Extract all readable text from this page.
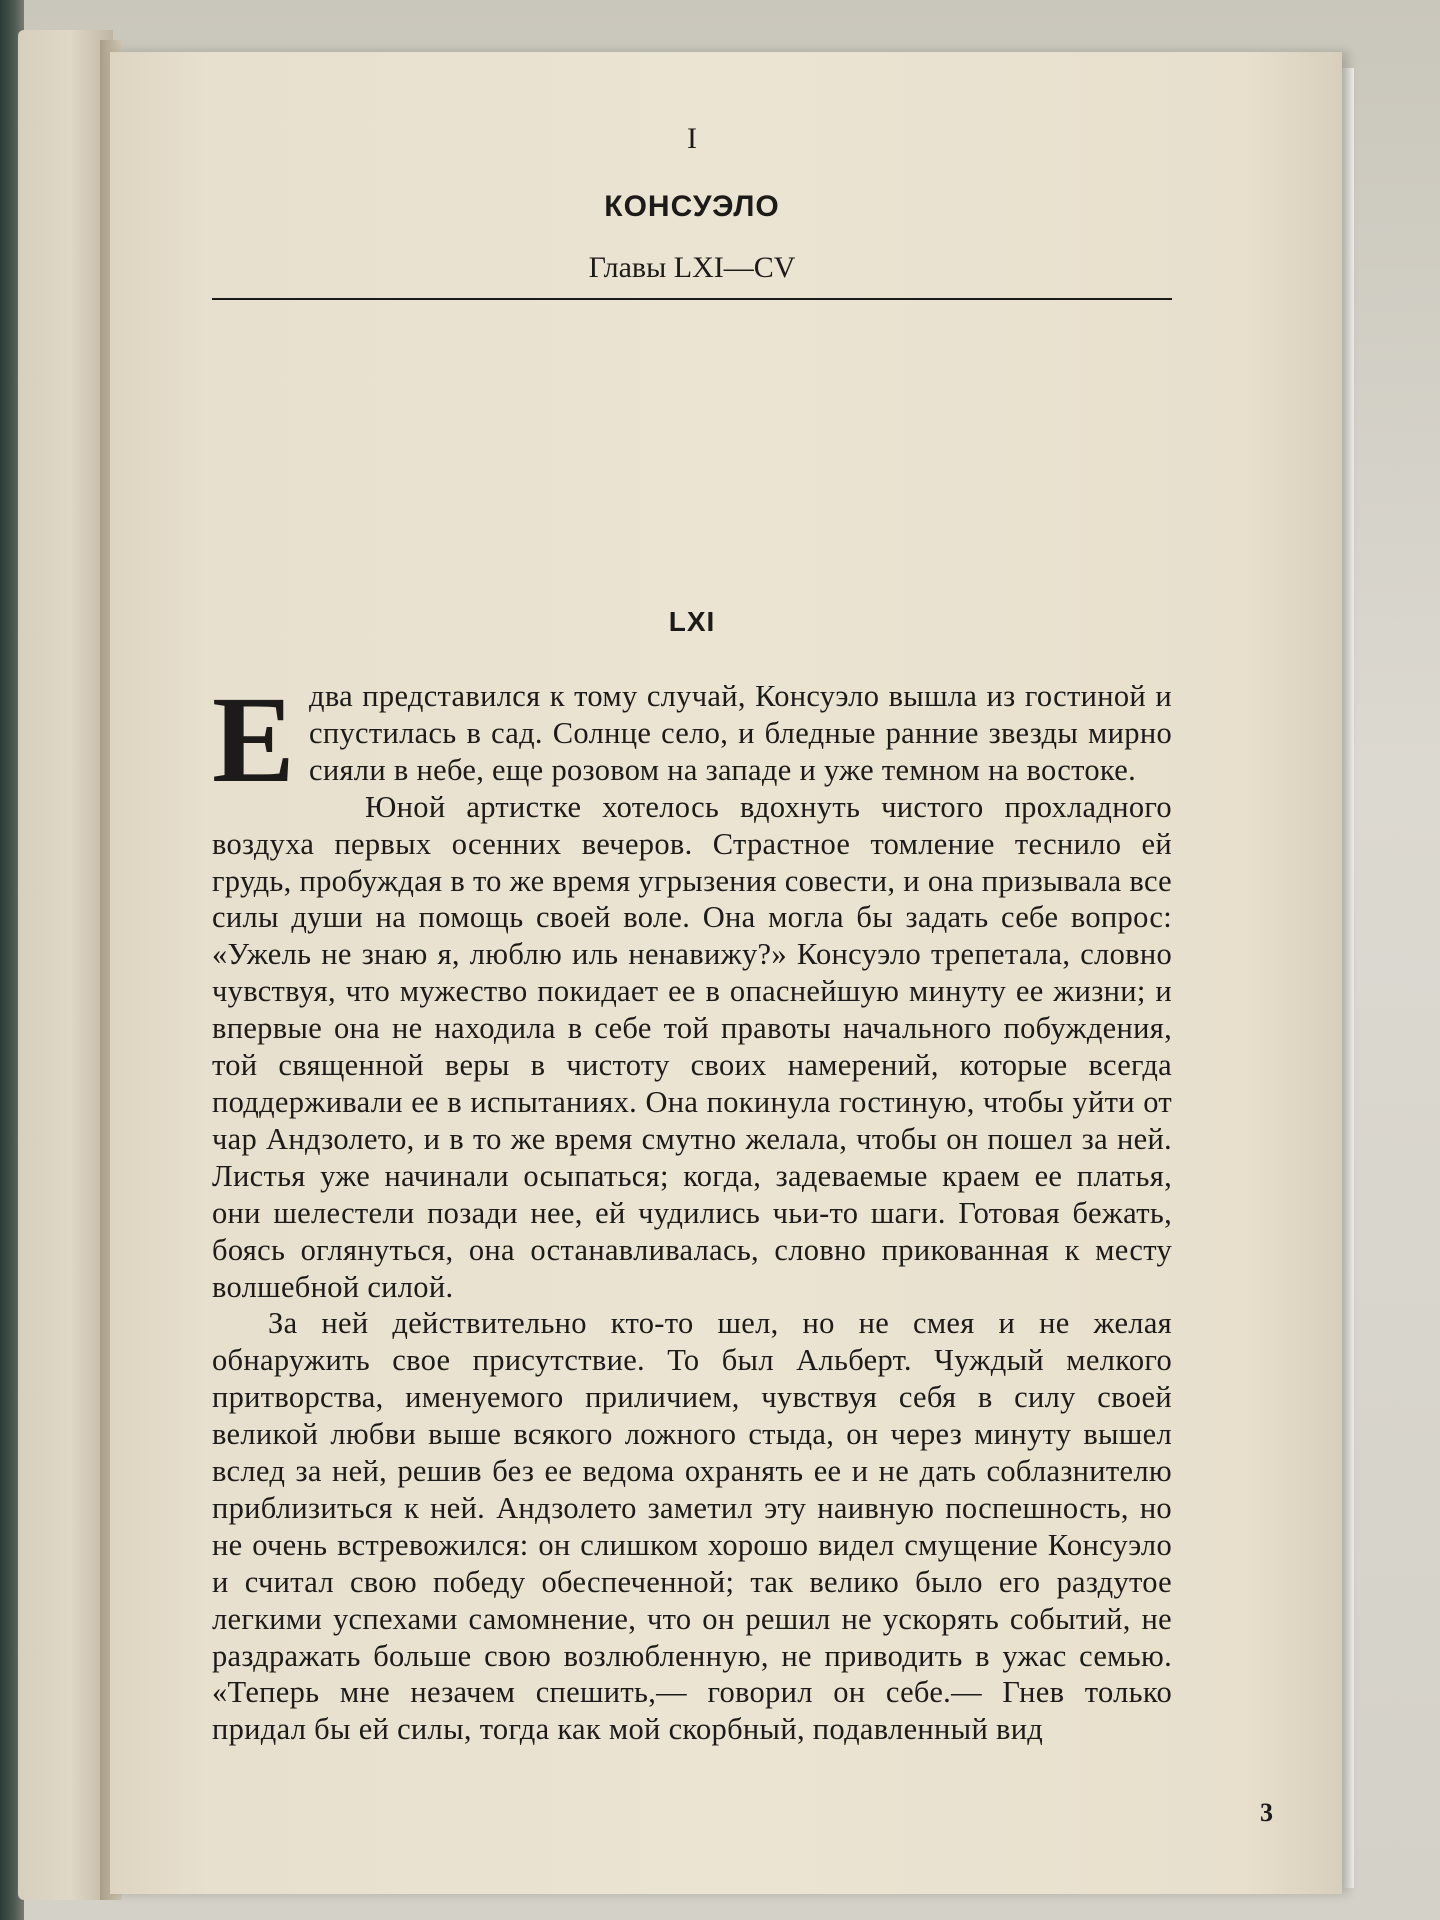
I

КОНСУЭЛО

Главы LXI—CV

LXI

Едва представился к тому случай, Консуэло вышла из гостиной и спустилась в сад. Солнце село, и бледные ранние звезды мирно сияли в небе, еще розовом на западе и уже темном на востоке.

Юной артистке хотелось вдохнуть чистого прохладного воздуха первых осенних вечеров. Страстное томление теснило ей грудь, пробуждая в то же время угрызения совести, и она призывала все силы души на помощь своей воле. Она могла бы задать себе вопрос: «Ужель не знаю я, люблю иль ненавижу?» Консуэло трепетала, словно чувствуя, что мужество покидает ее в опаснейшую минуту ее жизни; и впервые она не находила в себе той правоты начального побуждения, той священной веры в чистоту своих намерений, которые всегда поддерживали ее в испытаниях. Она покинула гостиную, чтобы уйти от чар Андзолето, и в то же время смутно желала, чтобы он пошел за ней. Листья уже начинали осыпаться; когда, задеваемые краем ее платья, они шелестели позади нее, ей чудились чьи-то шаги. Готовая бежать, боясь оглянуться, она останавливалась, словно прикованная к месту волшебной силой.

За ней действительно кто-то шел, но не смея и не желая обнаружить свое присутствие. То был Альберт. Чуждый мелкого притворства, именуемого приличием, чувствуя себя в силу своей великой любви выше всякого ложного стыда, он через минуту вышел вслед за ней, решив без ее ведома охранять ее и не дать соблазнителю приблизиться к ней. Андзолето заметил эту наивную поспешность, но не очень встревожился: он слишком хорошо видел смущение Консуэло и считал свою победу обеспеченной; так велико было его раздутое легкими успехами самомнение, что он решил не ускорять событий, не раздражать больше свою возлюбленную, не приводить в ужас семью. «Теперь мне незачем спешить,— говорил он себе.— Гнев только придал бы ей силы, тогда как мой скорбный, подавленный вид

3
